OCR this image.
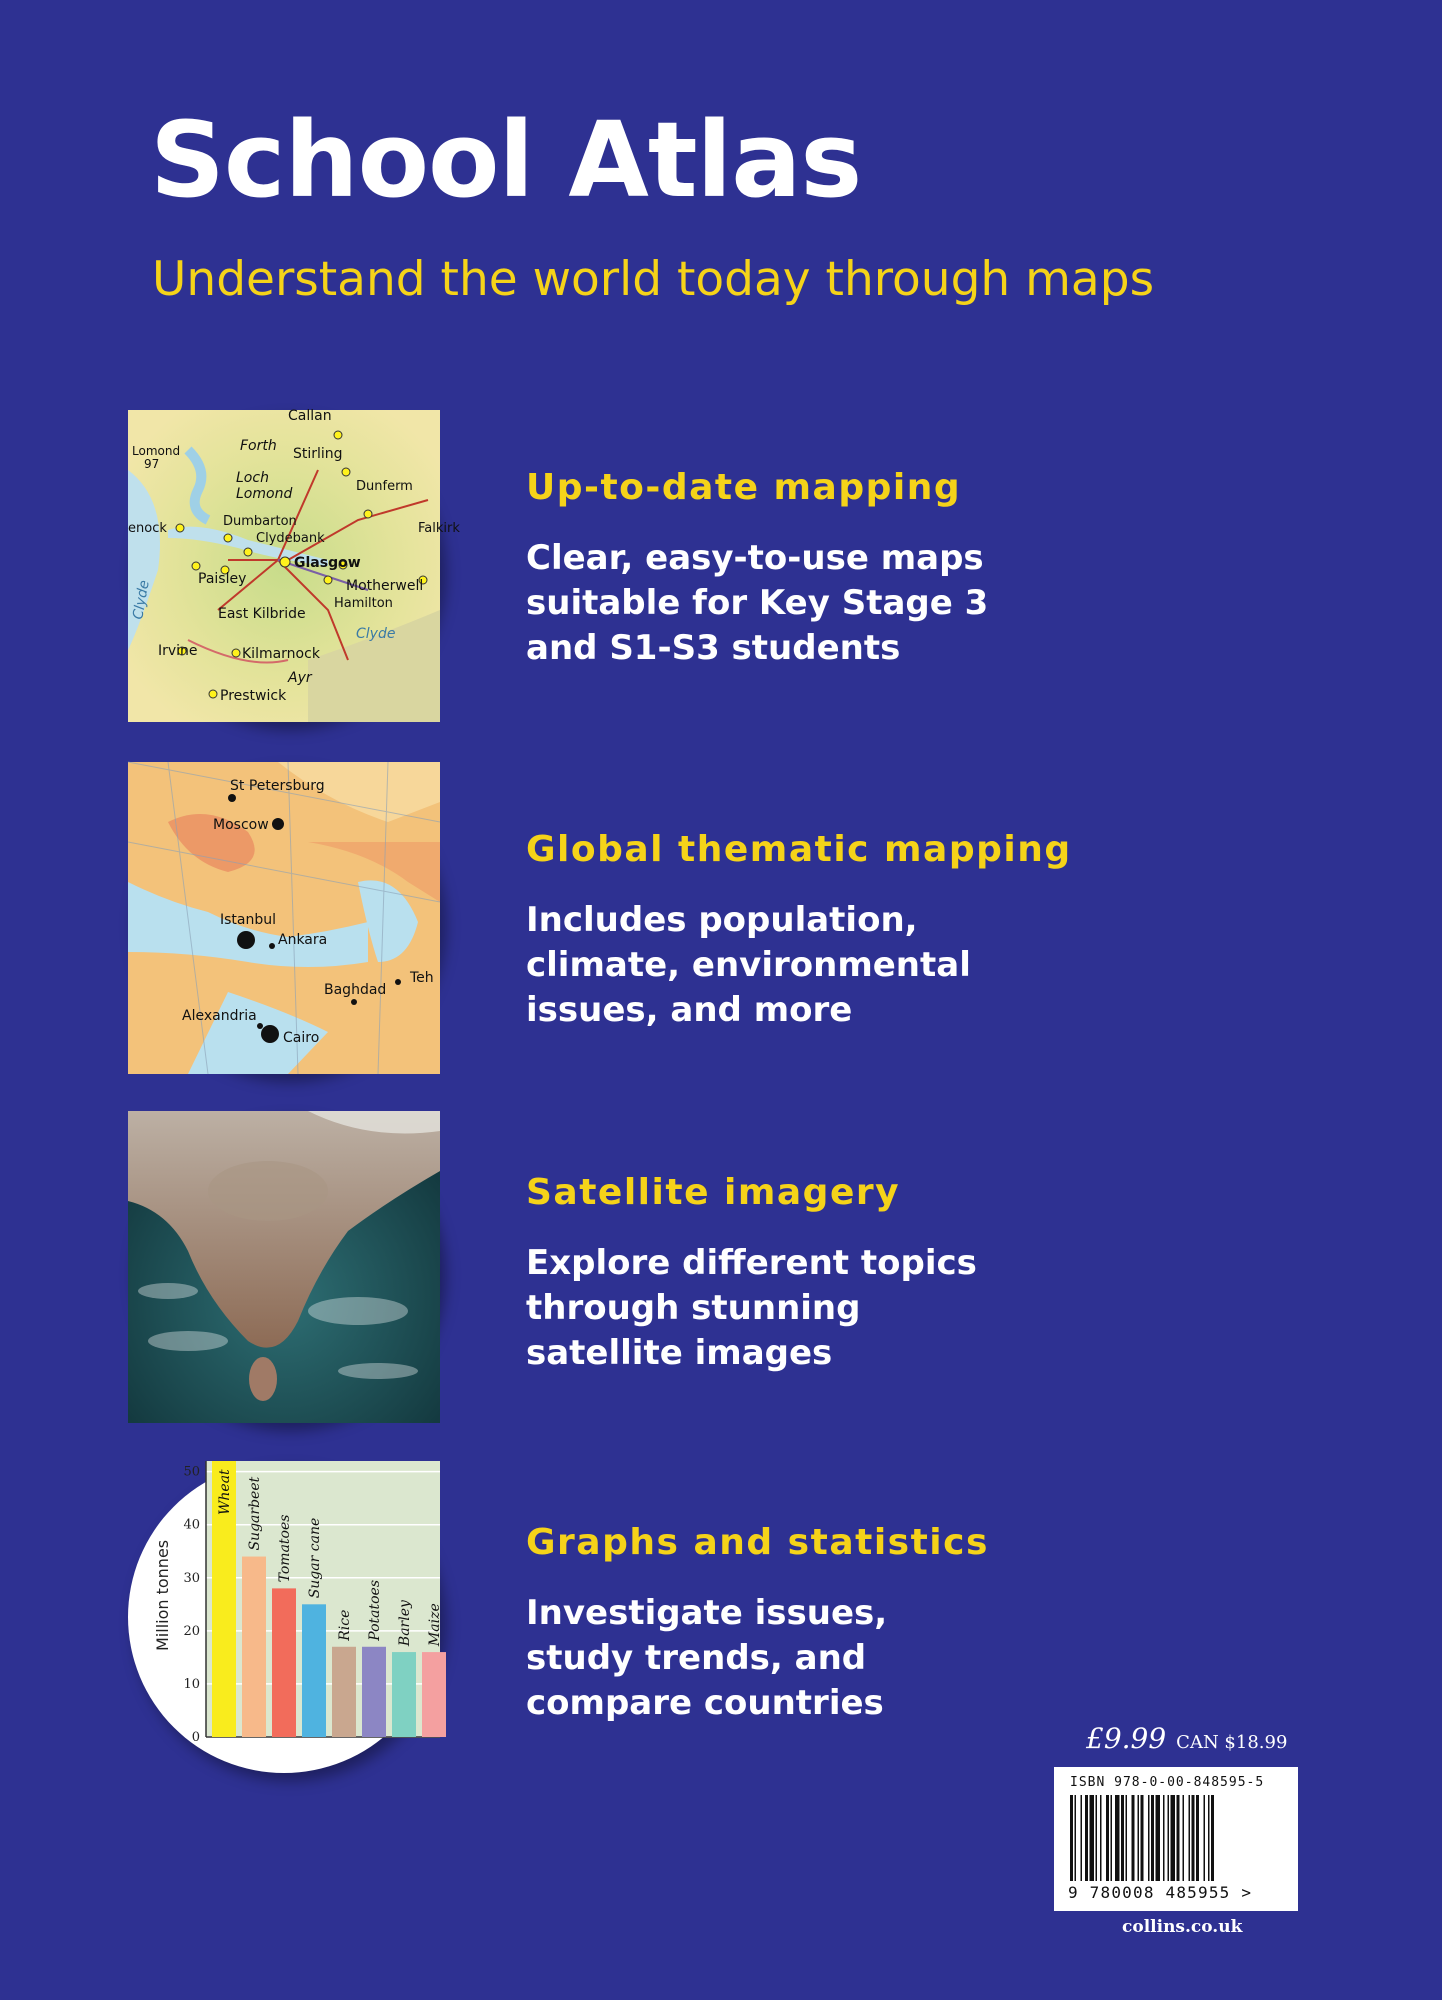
School Atlas
Understand the world today through maps
Callan
Forth Stirling
Lomond
97
Loch
Lomond	Dunferm
Dumbarton
Clydebank
Falkirk
enock
Glasgow
Paisley	Motherwell
Hamilton
East Kilbride
Clyde
Clyde
Irvine	Kilmarnock
Ayr
Prestwick
Up-to-date mapping
Clear, easy-to-use maps
suitable for Key Stage 3
and S1-S3 students
St Petersburg
Moscow
Istanbul
Ankara
Baghdad
Teh
Alexandria
Cairo
Global thematic mapping
Includes population,
climate, environmental
issues, and more
Satellite imagery
Explore different topics
through stunning
satellite images
0
10
20
30
40
50
Million tonnes
Wheat Sugarbeet Tomatoes Sugar cane
Rice Potatoes Barley Maize
Graphs and statistics
Investigate issues,
study trends, and
compare countries
£9.99 CAN $18.99
ISBN 978-0-00-848595-5
9 780008 485955 >
collins.co.uk
